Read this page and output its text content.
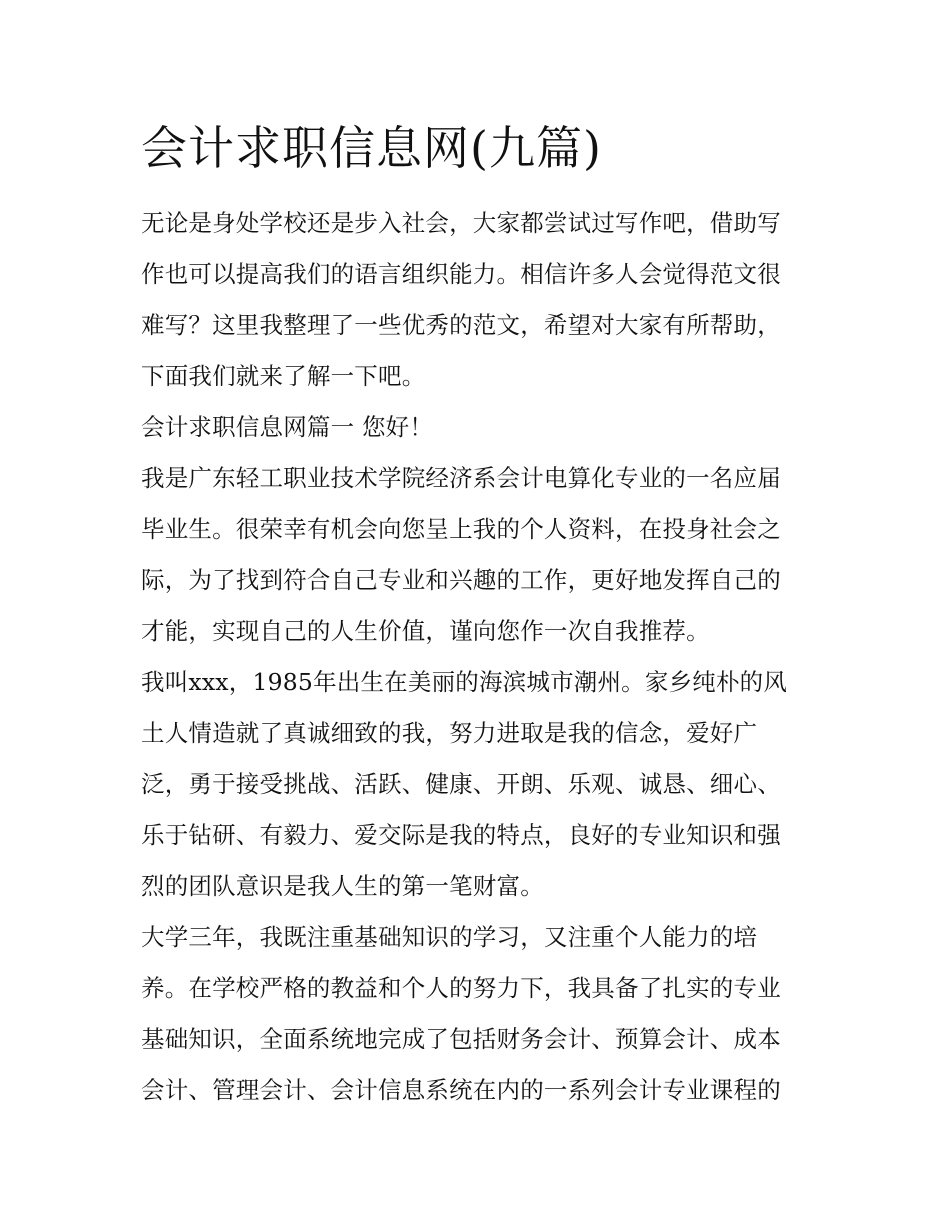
会计求职信息网(九篇)
无论是身处学校还是步入社会，大家都尝试过写作吧，借助写
作也可以提高我们的语言组织能力。相信许多人会觉得范文很
难写？这里我整理了一些优秀的范文，希望对大家有所帮助，
下面我们就来了解一下吧。
会计求职信息网篇一 您好！
我是广东轻工职业技术学院经济系会计电算化专业的一名应届
毕业生。很荣幸有机会向您呈上我的个人资料，在投身社会之
际，为了找到符合自己专业和兴趣的工作，更好地发挥自己的
才能，实现自己的人生价值，谨向您作一次自我推荐。
我叫xxx，1985年出生在美丽的海滨城市潮州。家乡纯朴的风
土人情造就了真诚细致的我，努力进取是我的信念，爱好广
泛，勇于接受挑战、活跃、健康、开朗、乐观、诚恳、细心、
乐于钻研、有毅力、爱交际是我的特点，良好的专业知识和强
烈的团队意识是我人生的第一笔财富。
大学三年，我既注重基础知识的学习，又注重个人能力的培
养。在学校严格的教益和个人的努力下，我具备了扎实的专业
基础知识，全面系统地完成了包括财务会计、预算会计、成本
会计、管理会计、会计信息系统在内的一系列会计专业课程的
